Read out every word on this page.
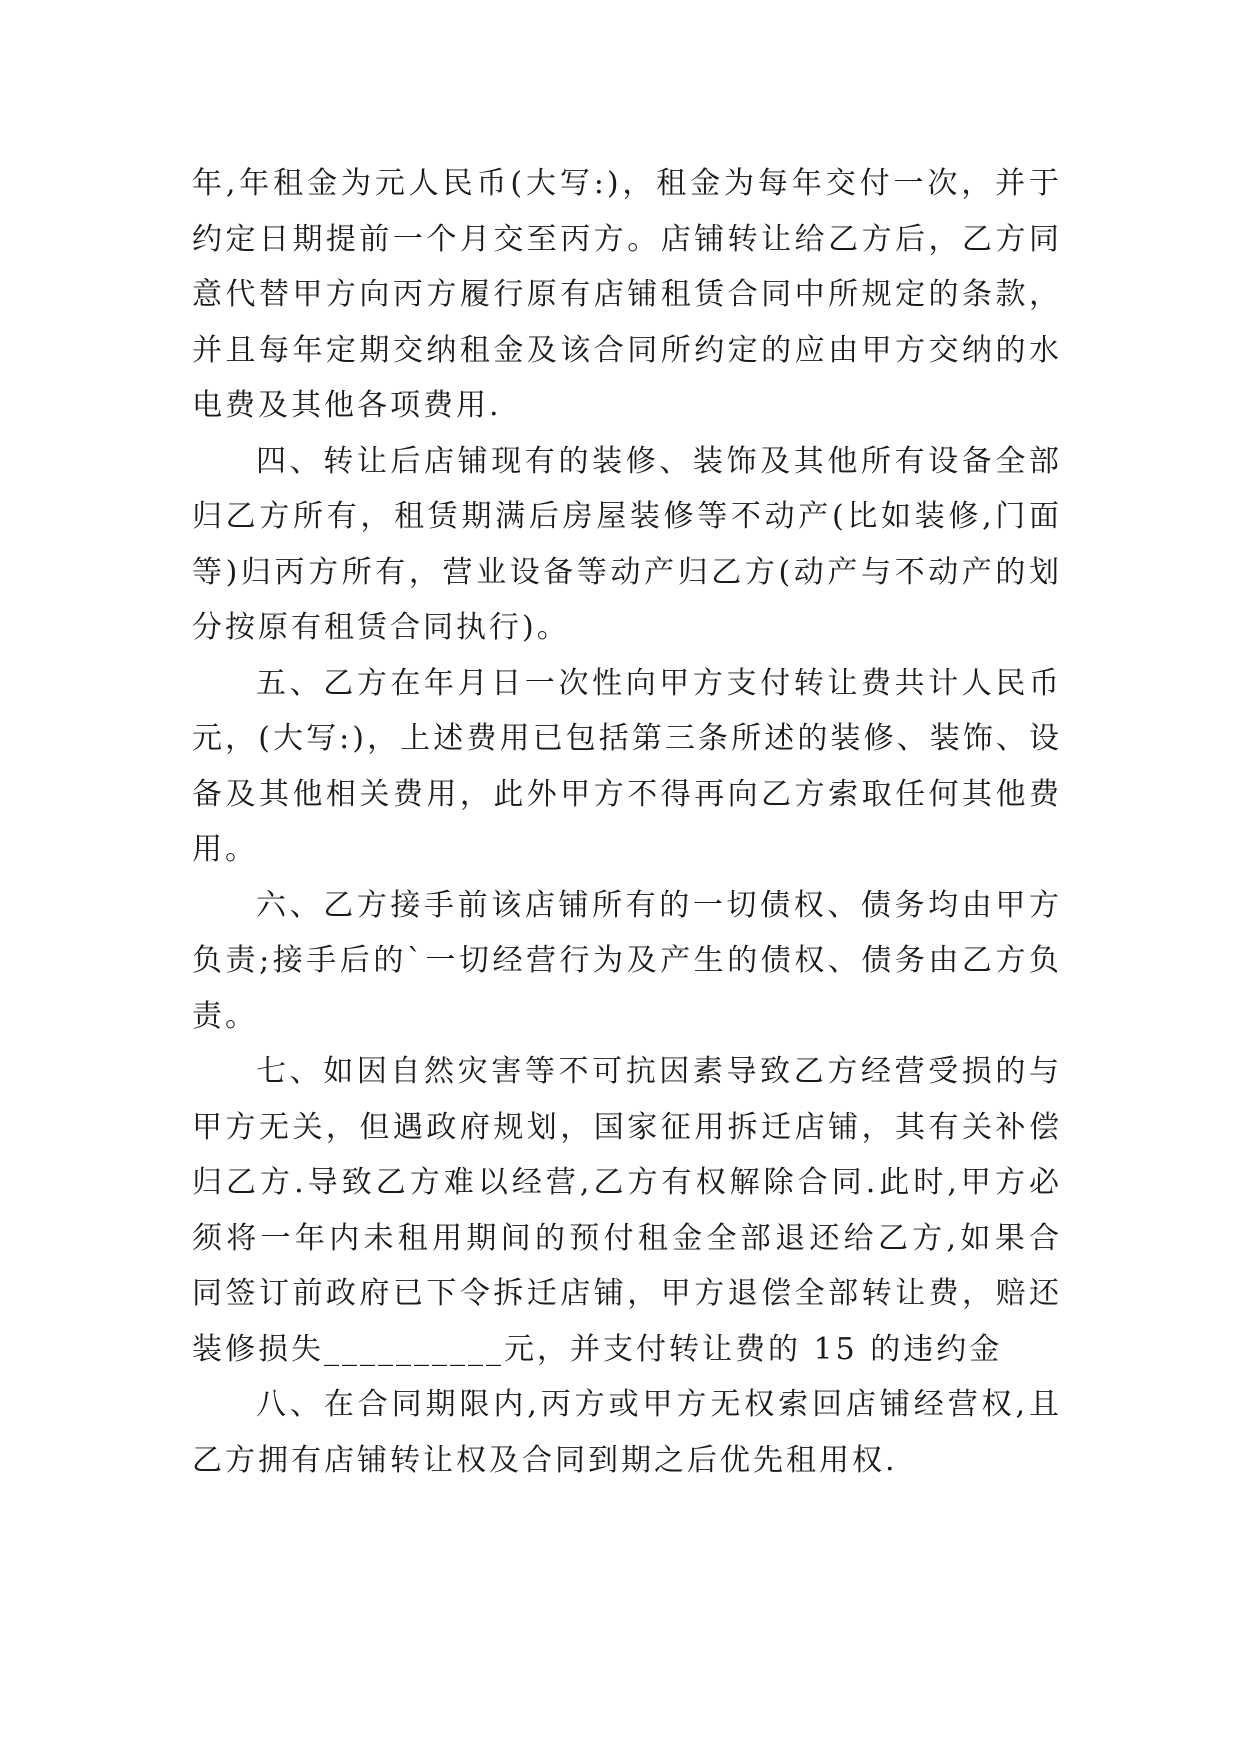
年,年租金为元人民币(大写:)，租金为每年交付一次，并于约定日期提前一个月交至丙方。店铺转让给乙方后，乙方同意代替甲方向丙方履行原有店铺租赁合同中所规定的条款，并且每年定期交纳租金及该合同所约定的应由甲方交纳的水电费及其他各项费用.

四、转让后店铺现有的装修、装饰及其他所有设备全部归乙方所有，租赁期满后房屋装修等不动产(比如装修,门面等)归丙方所有，营业设备等动产归乙方(动产与不动产的划分按原有租赁合同执行)。

五、乙方在年月日一次性向甲方支付转让费共计人民币元，(大写:)，上述费用已包括第三条所述的装修、装饰、设备及其他相关费用，此外甲方不得再向乙方索取任何其他费用。

六、乙方接手前该店铺所有的一切债权、债务均由甲方负责;接手后的`一切经营行为及产生的债权、债务由乙方负责。

七、如因自然灾害等不可抗因素导致乙方经营受损的与甲方无关，但遇政府规划，国家征用拆迁店铺，其有关补偿归乙方.导致乙方难以经营,乙方有权解除合同.此时,甲方必须将一年内未租用期间的预付租金全部退还给乙方,如果合同签订前政府已下令拆迁店铺，甲方退偿全部转让费，赔还装修损失__________元，并支付转让费的 15 的违约金

八、在合同期限内,丙方或甲方无权索回店铺经营权,且乙方拥有店铺转让权及合同到期之后优先租用权.
